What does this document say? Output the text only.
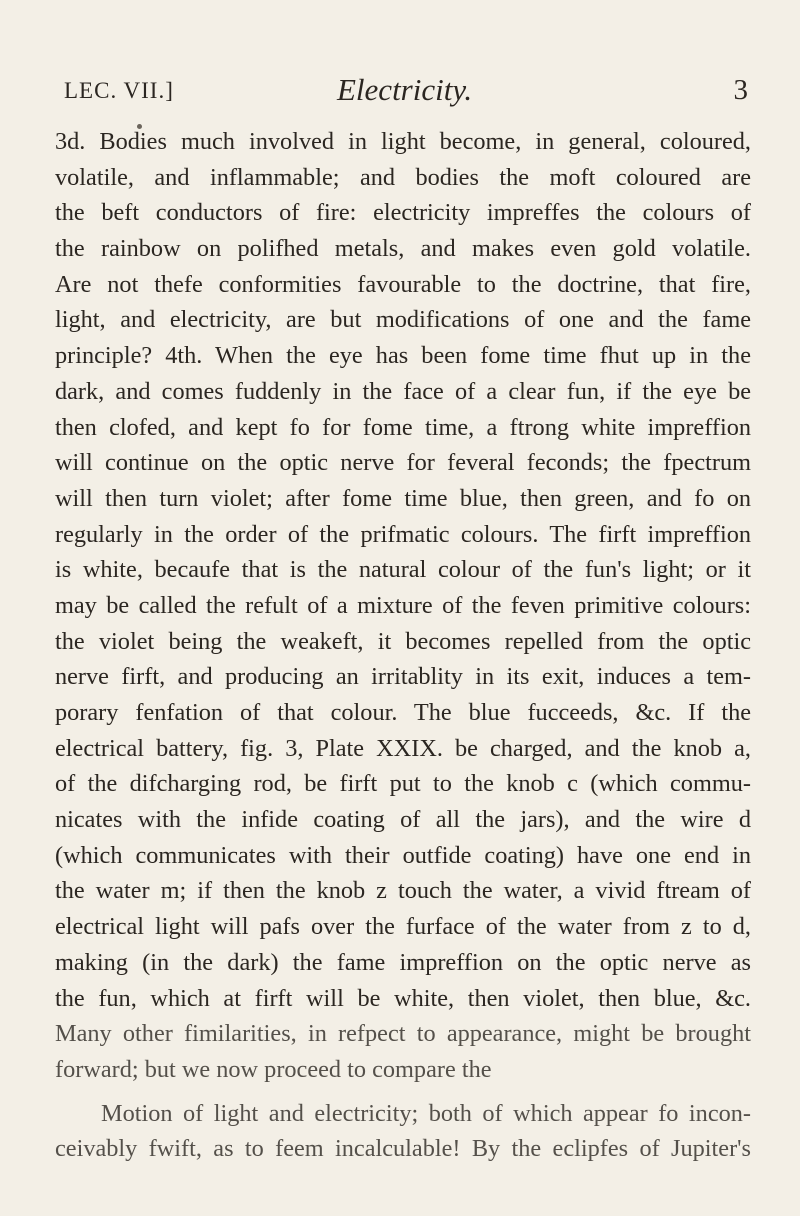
LEC. VII.]	Electricity.	3
3d. Bodies much involved in light become, in general, coloured,
volatile, and inflammable; and bodies the moft coloured are
the beft conductors of fire: electricity impreffes the colours of
the rainbow on polifhed metals, and makes even gold volatile.
Are not thefe conformities favourable to the doctrine, that fire,
light, and electricity, are but modifications of one and the fame
principle? 4th. When the eye has been fome time fhut up in the
dark, and comes fuddenly in the face of a clear fun, if the eye be
then clofed, and kept fo for fome time, a ftrong white impreffion
will continue on the optic nerve for feveral feconds; the fpectrum
will then turn violet; after fome time blue, then green, and fo on
regularly in the order of the prifmatic colours. The firft impreffion
is white, becaufe that is the natural colour of the fun's light; or it
may be called the refult of a mixture of the feven primitive colours:
the violet being the weakeft, it becomes repelled from the optic
nerve firft, and producing an irritablity in its exit, induces a tem-
porary fenfation of that colour. The blue fucceeds, &c. If the
electrical battery, fig. 3, Plate XXIX. be charged, and the knob a,
of the difcharging rod, be firft put to the knob c (which commu-
nicates with the infide coating of all the jars), and the wire d
(which communicates with their outfide coating) have one end in
the water m; if then the knob z touch the water, a vivid ftream of
electrical light will pafs over the furface of the water from z to d,
making (in the dark) the fame impreffion on the optic nerve as
the fun, which at firft will be white, then violet, then blue, &c.
Many other fimilarities, in refpect to appearance, might be brought
forward; but we now proceed to compare the
Motion of light and electricity; both of which appear fo incon-
ceivably fwift, as to feem incalculable! By the eclipfes of Jupiter's
